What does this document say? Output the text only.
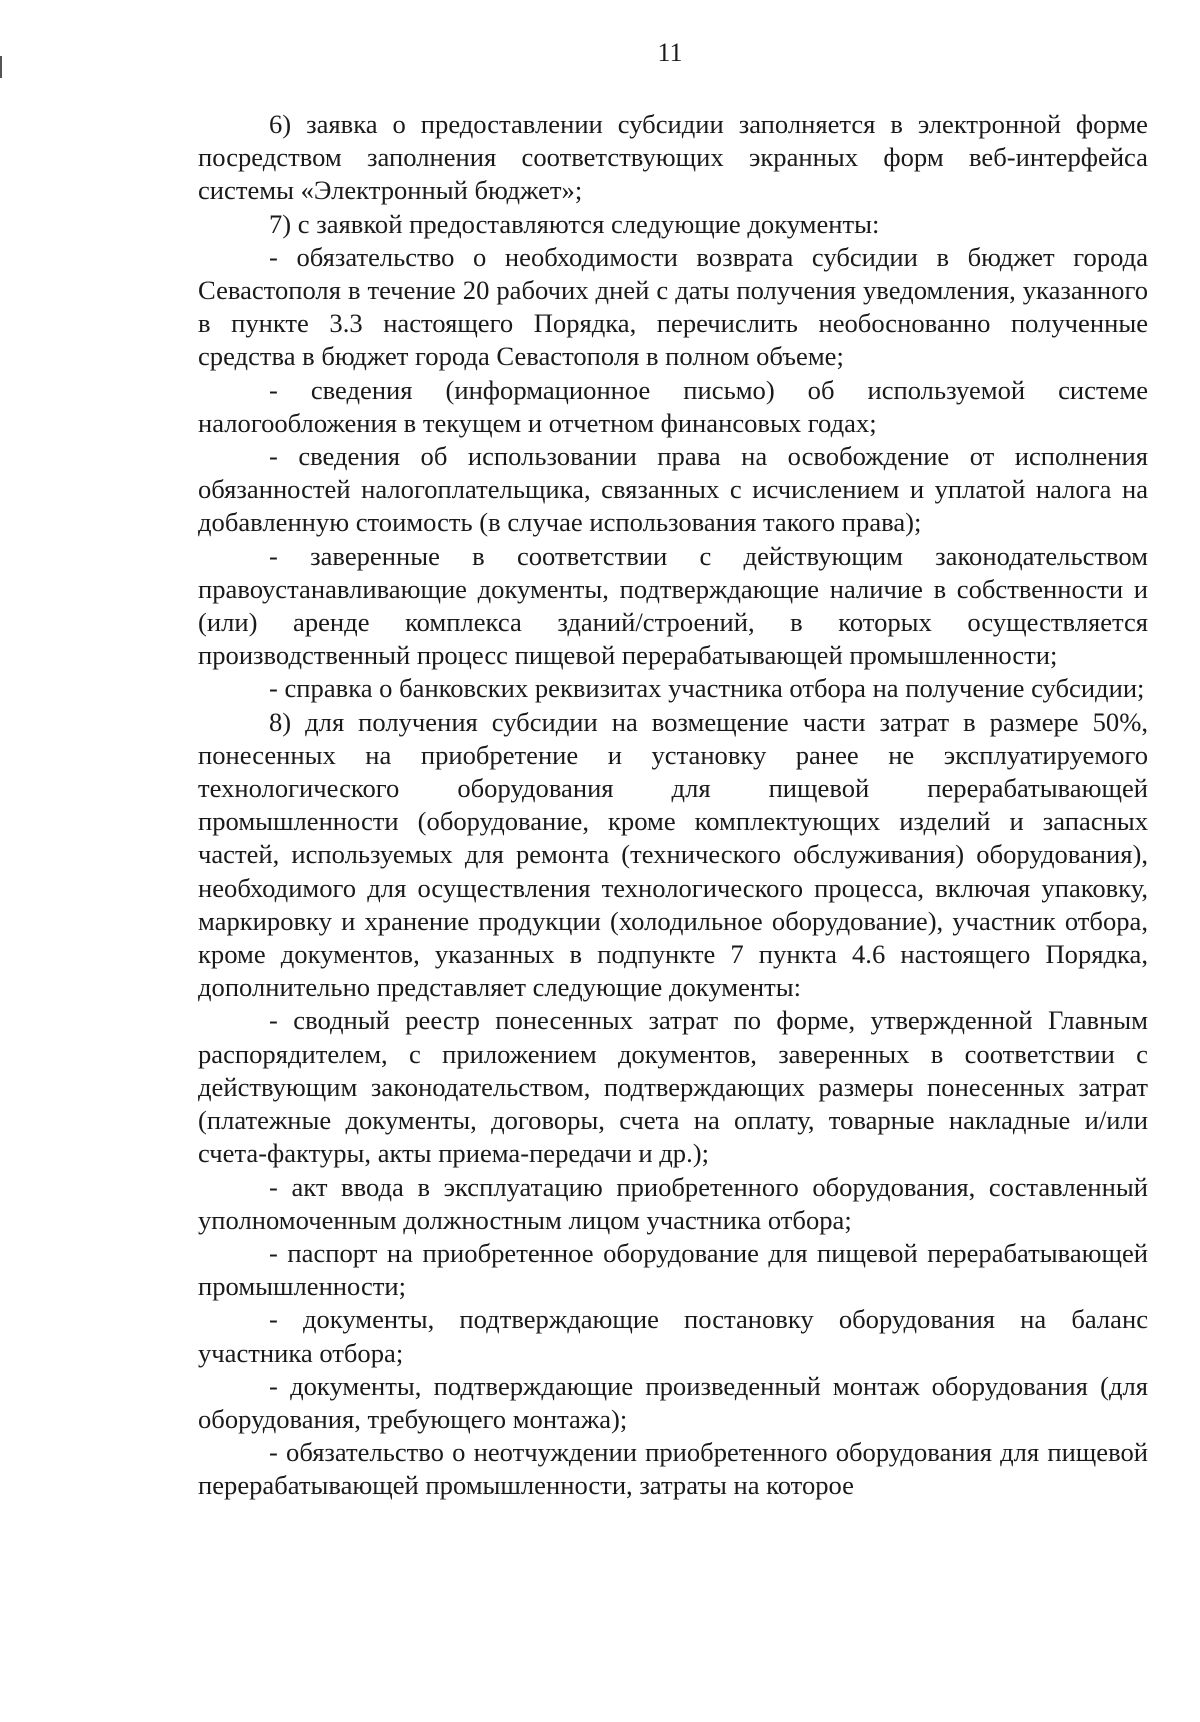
11

6) заявка о предоставлении субсидии заполняется в электронной форме посредством заполнения соответствующих экранных форм веб-интерфейса системы «Электронный бюджет»;

7) с заявкой предоставляются следующие документы:

- обязательство о необходимости возврата субсидии в бюджет города Севастополя в течение 20 рабочих дней с даты получения уведомления, указанного в пункте 3.3 настоящего Порядка, перечислить необоснованно полученные средства в бюджет города Севастополя в полном объеме;

- сведения (информационное письмо) об используемой системе налогообложения в текущем и отчетном финансовых годах;

- сведения об использовании права на освобождение от исполнения обязанностей налогоплательщика, связанных с исчислением и уплатой налога на добавленную стоимость (в случае использования такого права);

- заверенные в соответствии с действующим законодательством правоустанавливающие документы, подтверждающие наличие в собственности и (или) аренде комплекса зданий/строений, в которых осуществляется производственный процесс пищевой перерабатывающей промышленности;

- справка о банковских реквизитах участника отбора на получение субсидии;

8) для получения субсидии на возмещение части затрат в размере 50%, понесенных на приобретение и установку ранее не эксплуатируемого технологического оборудования для пищевой перерабатывающей промышленности (оборудование, кроме комплектующих изделий и запасных частей, используемых для ремонта (технического обслуживания) оборудования), необходимого для осуществления технологического процесса, включая упаковку, маркировку и хранение продукции (холодильное оборудование), участник отбора, кроме документов, указанных в подпункте 7 пункта 4.6 настоящего Порядка, дополнительно представляет следующие документы:

- сводный реестр понесенных затрат по форме, утвержденной Главным распорядителем, с приложением документов, заверенных в соответствии с действующим законодательством, подтверждающих размеры понесенных затрат (платежные документы, договоры, счета на оплату, товарные накладные и/или счета-фактуры, акты приема-передачи и др.);

- акт ввода в эксплуатацию приобретенного оборудования, составленный уполномоченным должностным лицом участника отбора;

- паспорт на приобретенное оборудование для пищевой перерабатывающей промышленности;

- документы, подтверждающие постановку оборудования на баланс участника отбора;

- документы, подтверждающие произведенный монтаж оборудования (для оборудования, требующего монтажа);

- обязательство о неотчуждении приобретенного оборудования для пищевой перерабатывающей промышленности, затраты на которое
